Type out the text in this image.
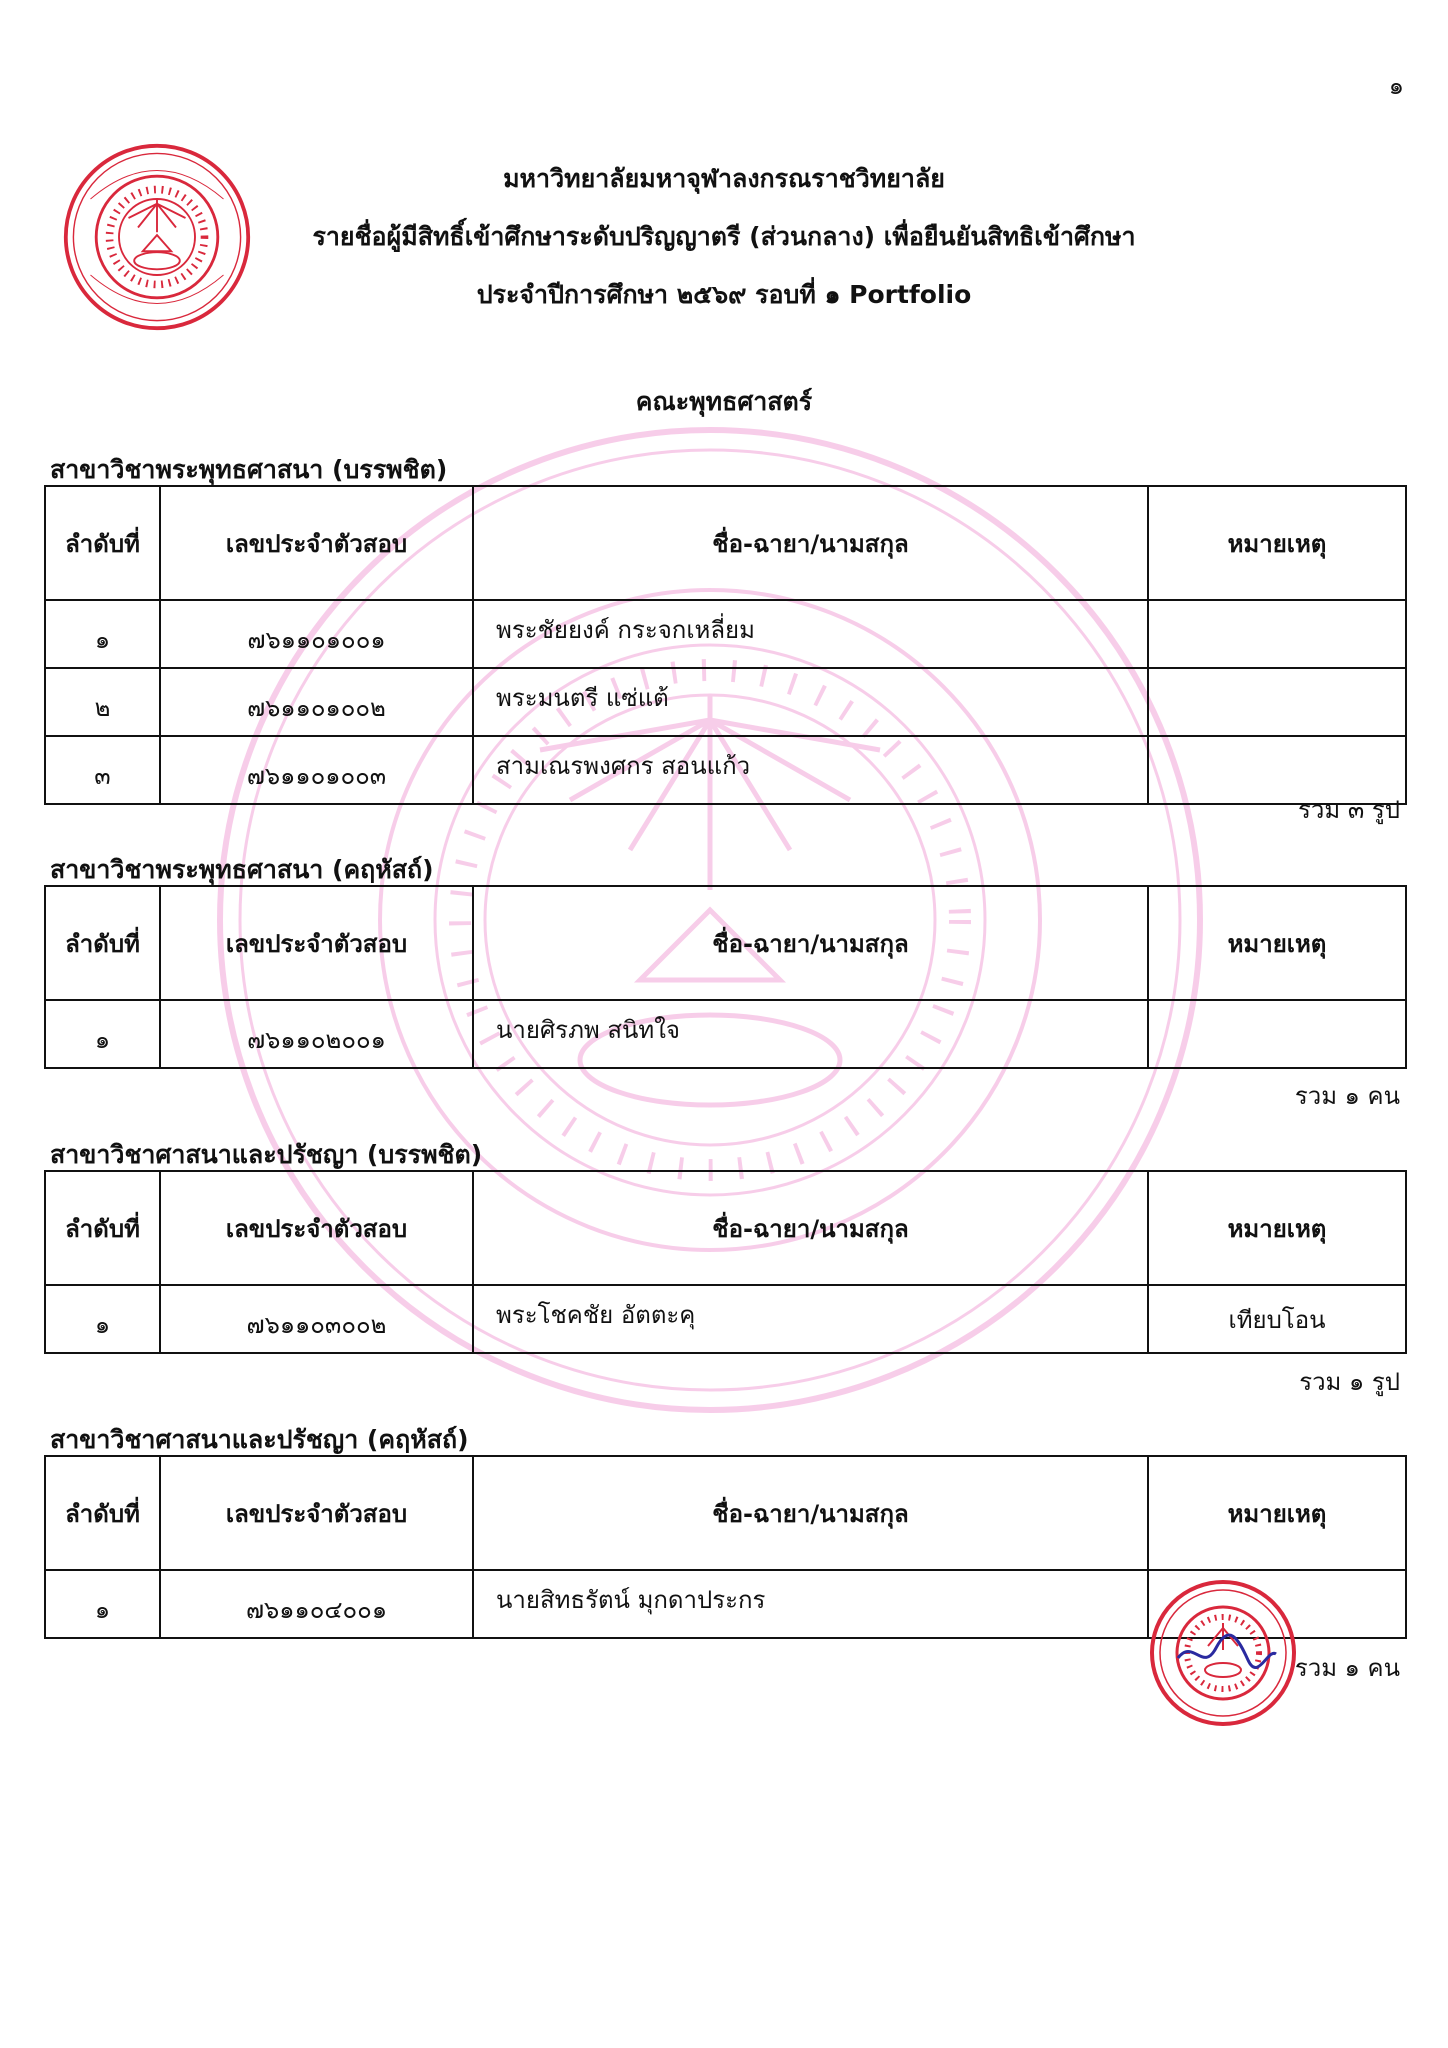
๑
มหาวิทยาลัยมหาจุฬาลงกรณราชวิทยาลัย
รายชื่อผู้มีสิทธิ์เข้าศึกษาระดับปริญญาตรี (ส่วนกลาง) เพื่อยืนยันสิทธิเข้าศึกษา
ประจำปีการศึกษา ๒๕๖๙ รอบที่ ๑ Portfolio
คณะพุทธศาสตร์
สาขาวิชาพระพุทธศาสนา (บรรพชิต)
ลำดับที่	เลขประจำตัวสอบ	ชื่อ-ฉายา/นามสกุล	หมายเหตุ
๑	๗๖๑๑๐๑๐๐๑	พระชัยยงค์ กระจกเหลี่ยม	
๒	๗๖๑๑๐๑๐๐๒	พระมนตรี แซ่แต้	
๓	๗๖๑๑๐๑๐๐๓	สามเณรพงศกร สอนแก้ว	
รวม ๓ รูป
สาขาวิชาพระพุทธศาสนา (คฤหัสถ์)
ลำดับที่	เลขประจำตัวสอบ	ชื่อ-ฉายา/นามสกุล	หมายเหตุ
๑	๗๖๑๑๐๒๐๐๑	นายศิรภพ สนิทใจ	
รวม ๑ คน
สาขาวิชาศาสนาและปรัชญา (บรรพชิต)
ลำดับที่	เลขประจำตัวสอบ	ชื่อ-ฉายา/นามสกุล	หมายเหตุ
๑	๗๖๑๑๐๓๐๐๒	พระโชคชัย อัตตะคุ	เทียบโอน
รวม ๑ รูป
สาขาวิชาศาสนาและปรัชญา (คฤหัสถ์)
ลำดับที่	เลขประจำตัวสอบ	ชื่อ-ฉายา/นามสกุล	หมายเหตุ
๑	๗๖๑๑๐๔๐๐๑	นายสิทธรัตน์ มุกดาประกร	
รวม ๑ คน
